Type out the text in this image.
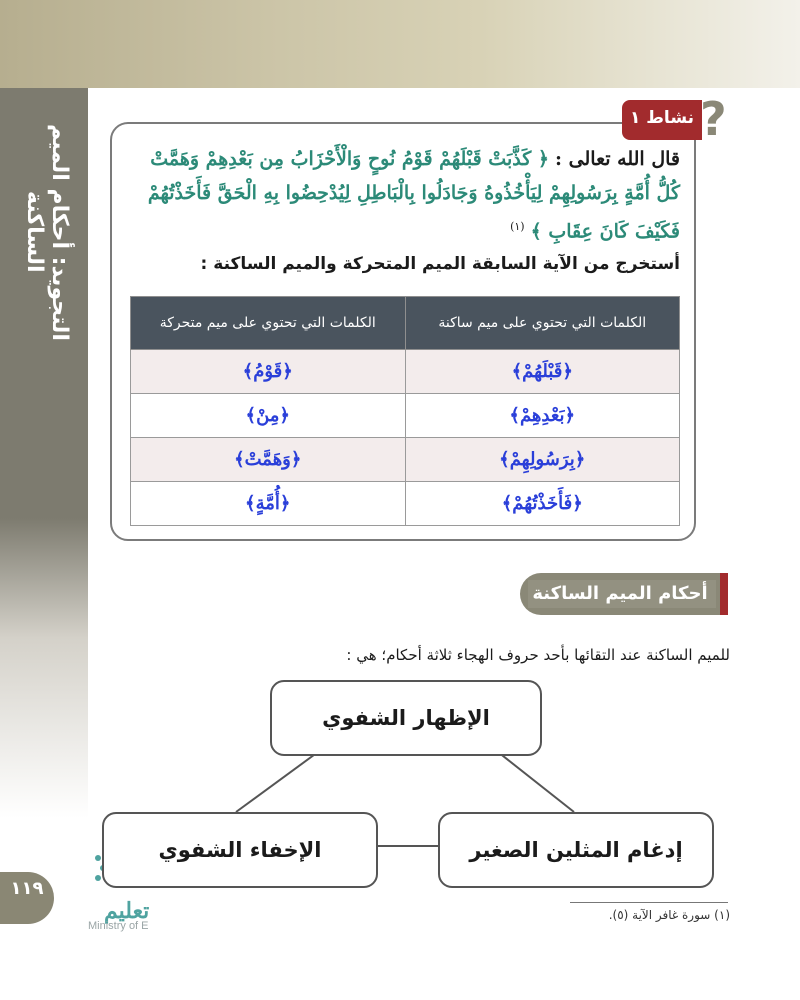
التجويد: أحكام الميم الساكنة
١١٩
تعليم
Ministry of E
?
نشاط ١
قال الله تعالى : ﴿ كَذَّبَتْ قَبْلَهُمْ قَوْمُ نُوحٍ وَالْأَحْزَابُ مِن بَعْدِهِمْ وَهَمَّتْ كُلُّ أُمَّةٍ بِرَسُولِهِمْ لِيَأْخُذُوهُ وَجَادَلُوا بِالْبَاطِلِ لِيُدْحِضُوا بِهِ الْحَقَّ فَأَخَذْتُهُمْ فَكَيْفَ كَانَ عِقَابِ ﴾ $^{(١)}$
أستخرج من الآية السابقة الميم المتحركة والميم الساكنة :
الكلمات التي تحتوي على ميم ساكنة	الكلمات التي تحتوي على ميم متحركة
﴿قَبْلَهُمْ﴾	﴿قَوْمُ﴾
﴿بَعْدِهِمْ﴾	﴿مِنْ﴾
﴿بِرَسُولِهِمْ﴾	﴿وَهَمَّتْ﴾
﴿فَأَخَذْتُهُمْ﴾	﴿أُمَّةٍ﴾
أحكام الميم الساكنة
للميم الساكنة عند التقائها بأحد حروف الهجاء ثلاثة أحكام؛ هي :
الإظهار الشفوي
إدغام المثلين الصغير
الإخفاء الشفوي
(١) سورة غافر الآية (٥).
